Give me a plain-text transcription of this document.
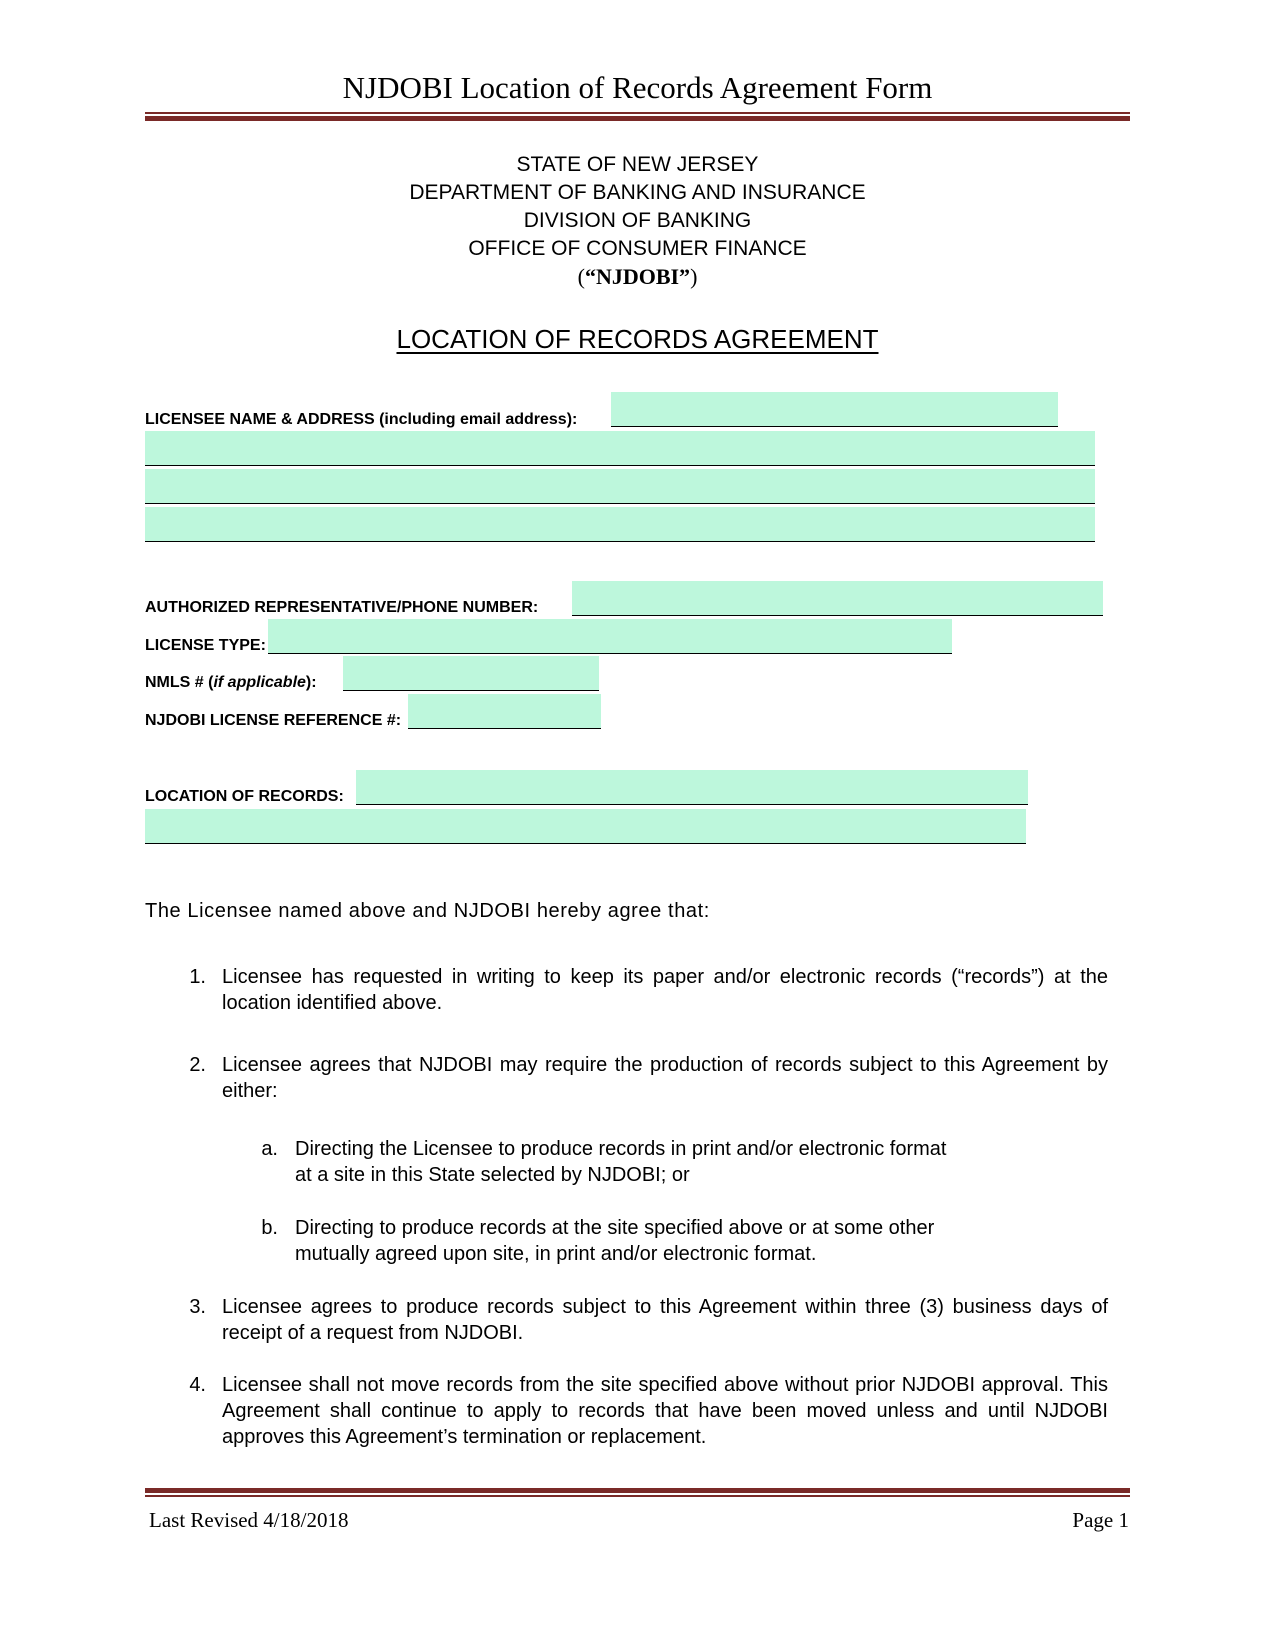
NJDOBI Location of Records Agreement Form
STATE OF NEW JERSEY
DEPARTMENT OF BANKING AND INSURANCE
DIVISION OF BANKING
OFFICE OF CONSUMER FINANCE
(“NJDOBI”)
LOCATION OF RECORDS AGREEMENT
LICENSEE NAME & ADDRESS (including email address):
AUTHORIZED REPRESENTATIVE/PHONE NUMBER:
LICENSE TYPE:
NMLS # (if applicable):
NJDOBI LICENSE REFERENCE #:
LOCATION OF RECORDS:
The Licensee named above and NJDOBI hereby agree that:
1. Licensee has requested in writing to keep its paper and/or electronic records (“records”) at the location identified above.
2. Licensee agrees that NJDOBI may require the production of records subject to this Agreement by either:
a. Directing the Licensee to produce records in print and/or electronic format
at a site in this State selected by NJDOBI; or
b. Directing to produce records at the site specified above or at some other
mutually agreed upon site, in print and/or electronic format.
3. Licensee agrees to produce records subject to this Agreement within three (3) business days of receipt of a request from NJDOBI.
4. Licensee shall not move records from the site specified above without prior NJDOBI approval. This Agreement shall continue to apply to records that have been moved unless and until NJDOBI approves this Agreement’s termination or replacement.
Last Revised 4/18/2018	Page 1
